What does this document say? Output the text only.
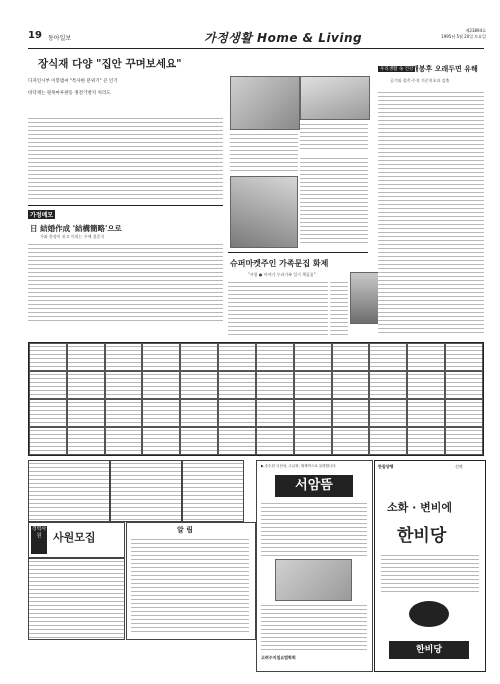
19 동아일보	가정생활 Home & Living
제23894호
1995년 5월 20일 토요일
장식재 다양 "집안 꾸며보세요"
디자인시부 이봉범씨 "특사한 분위기" 큰 인기
바닥재는 원목마루판등 정전기방지 처리도
가정메모
日 結婚作成 '結構簡略'으로
가와 한정이 꿀고 이리는 우예 결혼식
슈퍼마켓주인 가족문집 화제
"사랑 ● 이야기 우리가족 일기 책꿈꿈"
우리생활 속 건강
개봉후 오래두면 유해
공기와 접촉·주석 기준치초과 검출
경력사원	사원모집
알 림
▶ 순수한 국산차, 고급화, 세계적으로 유명합니다
서암뜸
고려수지침요법학회
한림양행	신약
소화 · 변비에
한비당
한비당
